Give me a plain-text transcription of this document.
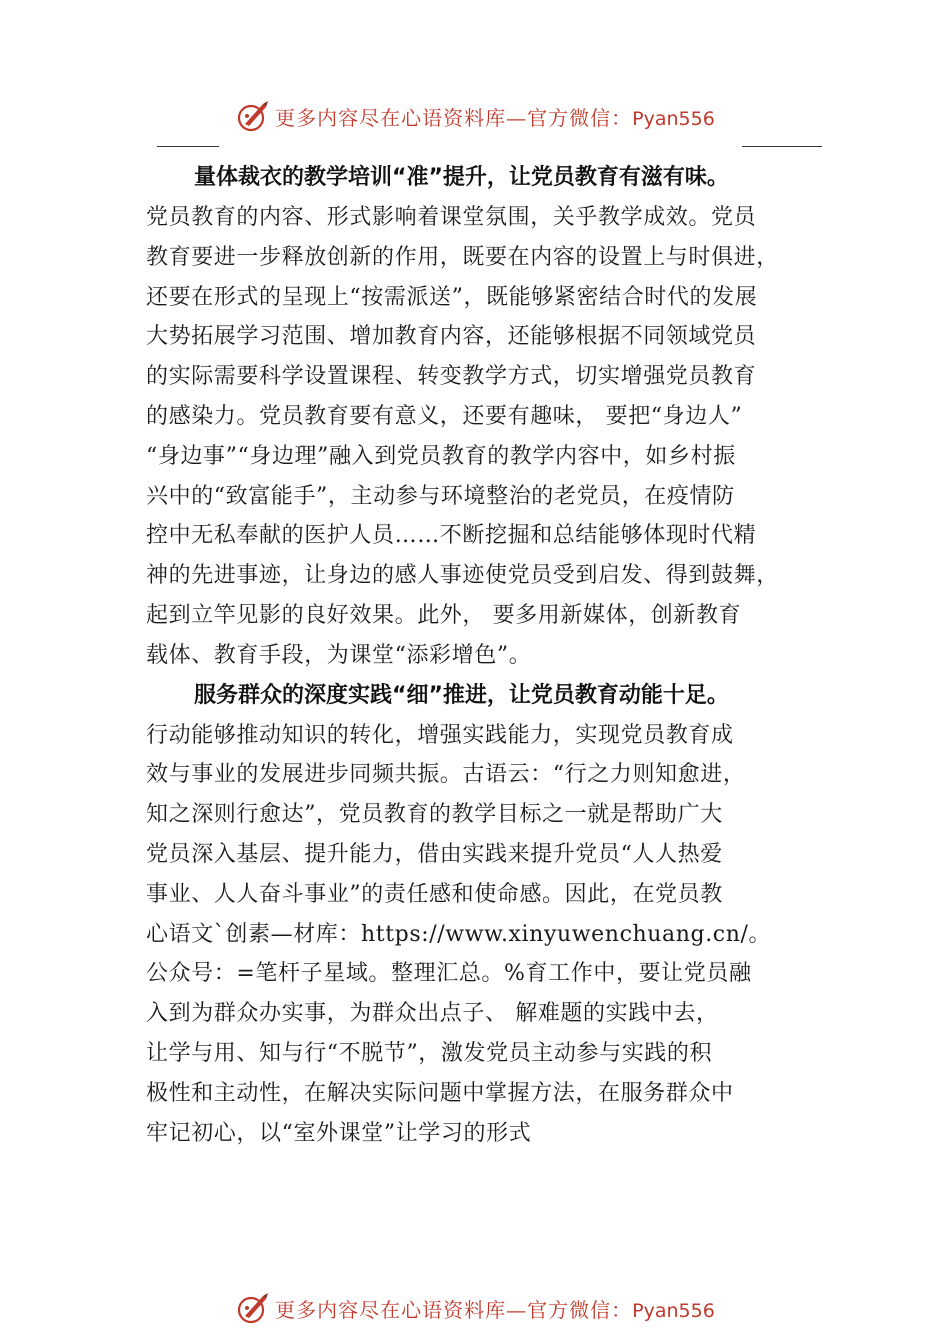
更多内容尽在心语资料库—官方微信：Pyan556
量体裁衣的教学培训“准”提升，让党员教育有滋有味。
党员教育的内容、形式影响着课堂氛围，关乎教学成效。党员
教育要进一步释放创新的作用，既要在内容的设置上与时俱进，
还要在形式的呈现上“按需派送”，既能够紧密结合时代的发展
大势拓展学习范围、增加教育内容，还能够根据不同领域党员
的实际需要科学设置课程、转变教学方式，切实增强党员教育
的感染力。党员教育要有意义，还要有趣味， 要把“身边人”
“身边事”“身边理”融入到党员教育的教学内容中，如乡村振
兴中的“致富能手”，主动参与环境整治的老党员，在疫情防
控中无私奉献的医护人员……不断挖掘和总结能够体现时代精
神的先进事迹，让身边的感人事迹使党员受到启发、得到鼓舞，
起到立竿见影的良好效果。此外， 要多用新媒体，创新教育
载体、教育手段，为课堂“添彩增色”。
服务群众的深度实践“细”推进，让党员教育动能十足。
行动能够推动知识的转化，增强实践能力，实现党员教育成
效与事业的发展进步同频共振。古语云：“行之力则知愈进，
知之深则行愈达”，党员教育的教学目标之一就是帮助广大
党员深入基层、提升能力，借由实践来提升党员“人人热爱
事业、人人奋斗事业”的责任感和使命感。因此，在党员教
心语文`创素—材库：https://www.xinyuwenchuang.cn/。
公众号：=笔杆子星域。整理汇总。%育工作中，要让党员融
入到为群众办实事，为群众出点子、 解难题的实践中去，
让学与用、知与行“不脱节”，激发党员主动参与实践的积
极性和主动性，在解决实际问题中掌握方法，在服务群众中
牢记初心，以“室外课堂”让学习的形式
更多内容尽在心语资料库—官方微信：Pyan556
